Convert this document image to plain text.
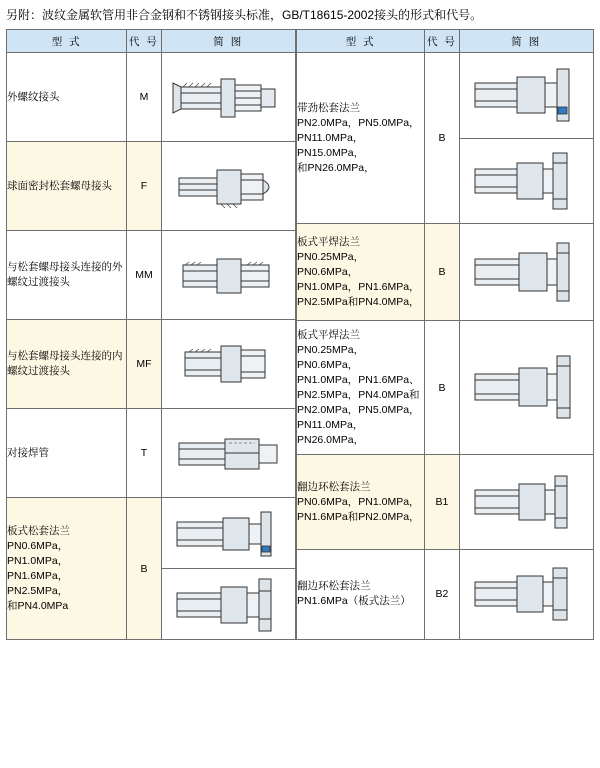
另附：波纹金属软管用非合金钢和不锈钢接头标准，GB/T18615-2002接头的形式和代号。
型 式	代 号	简 图

外螺纹接头	M	

球面密封松套螺母接头	F	

与松套螺母接头连接的外螺纹过渡接头	MM	

与松套螺母接头连接的内螺纹过渡接头	MF	

对接焊管	T	

板式松套法兰
PN0.6MPa，PN1.0MPa，
PN1.6MPa，PN2.5MPa，
和PN4.0MPa	B	

型 式	代 号	简 图

带劲松套法兰
PN2.0MPa，PN5.0MPa，
PN11.0MPa，PN15.0MPa，
和PN26.0MPa，	B	

板式平焊法兰
PN0.25MPa，PN0.6MPa，
PN1.0MPa，PN1.6MPa，
PN2.5MPa和PN4.0MPa，	B	

板式平焊法兰
PN0.25MPa，PN0.6MPa，
PN1.0MPa，PN1.6MPa、
PN2.5MPa，PN4.0MPa和
PN2.0MPa，PN5.0MPa，
PN11.0MPa，PN26.0MPa，
	B	

翻边环松套法兰
PN0.6MPa，PN1.0MPa，
PN1.6MPa和PN2.0MPa，	B1	

翻边环松套法兰
PN1.6MPa（板式法兰）	B2	
